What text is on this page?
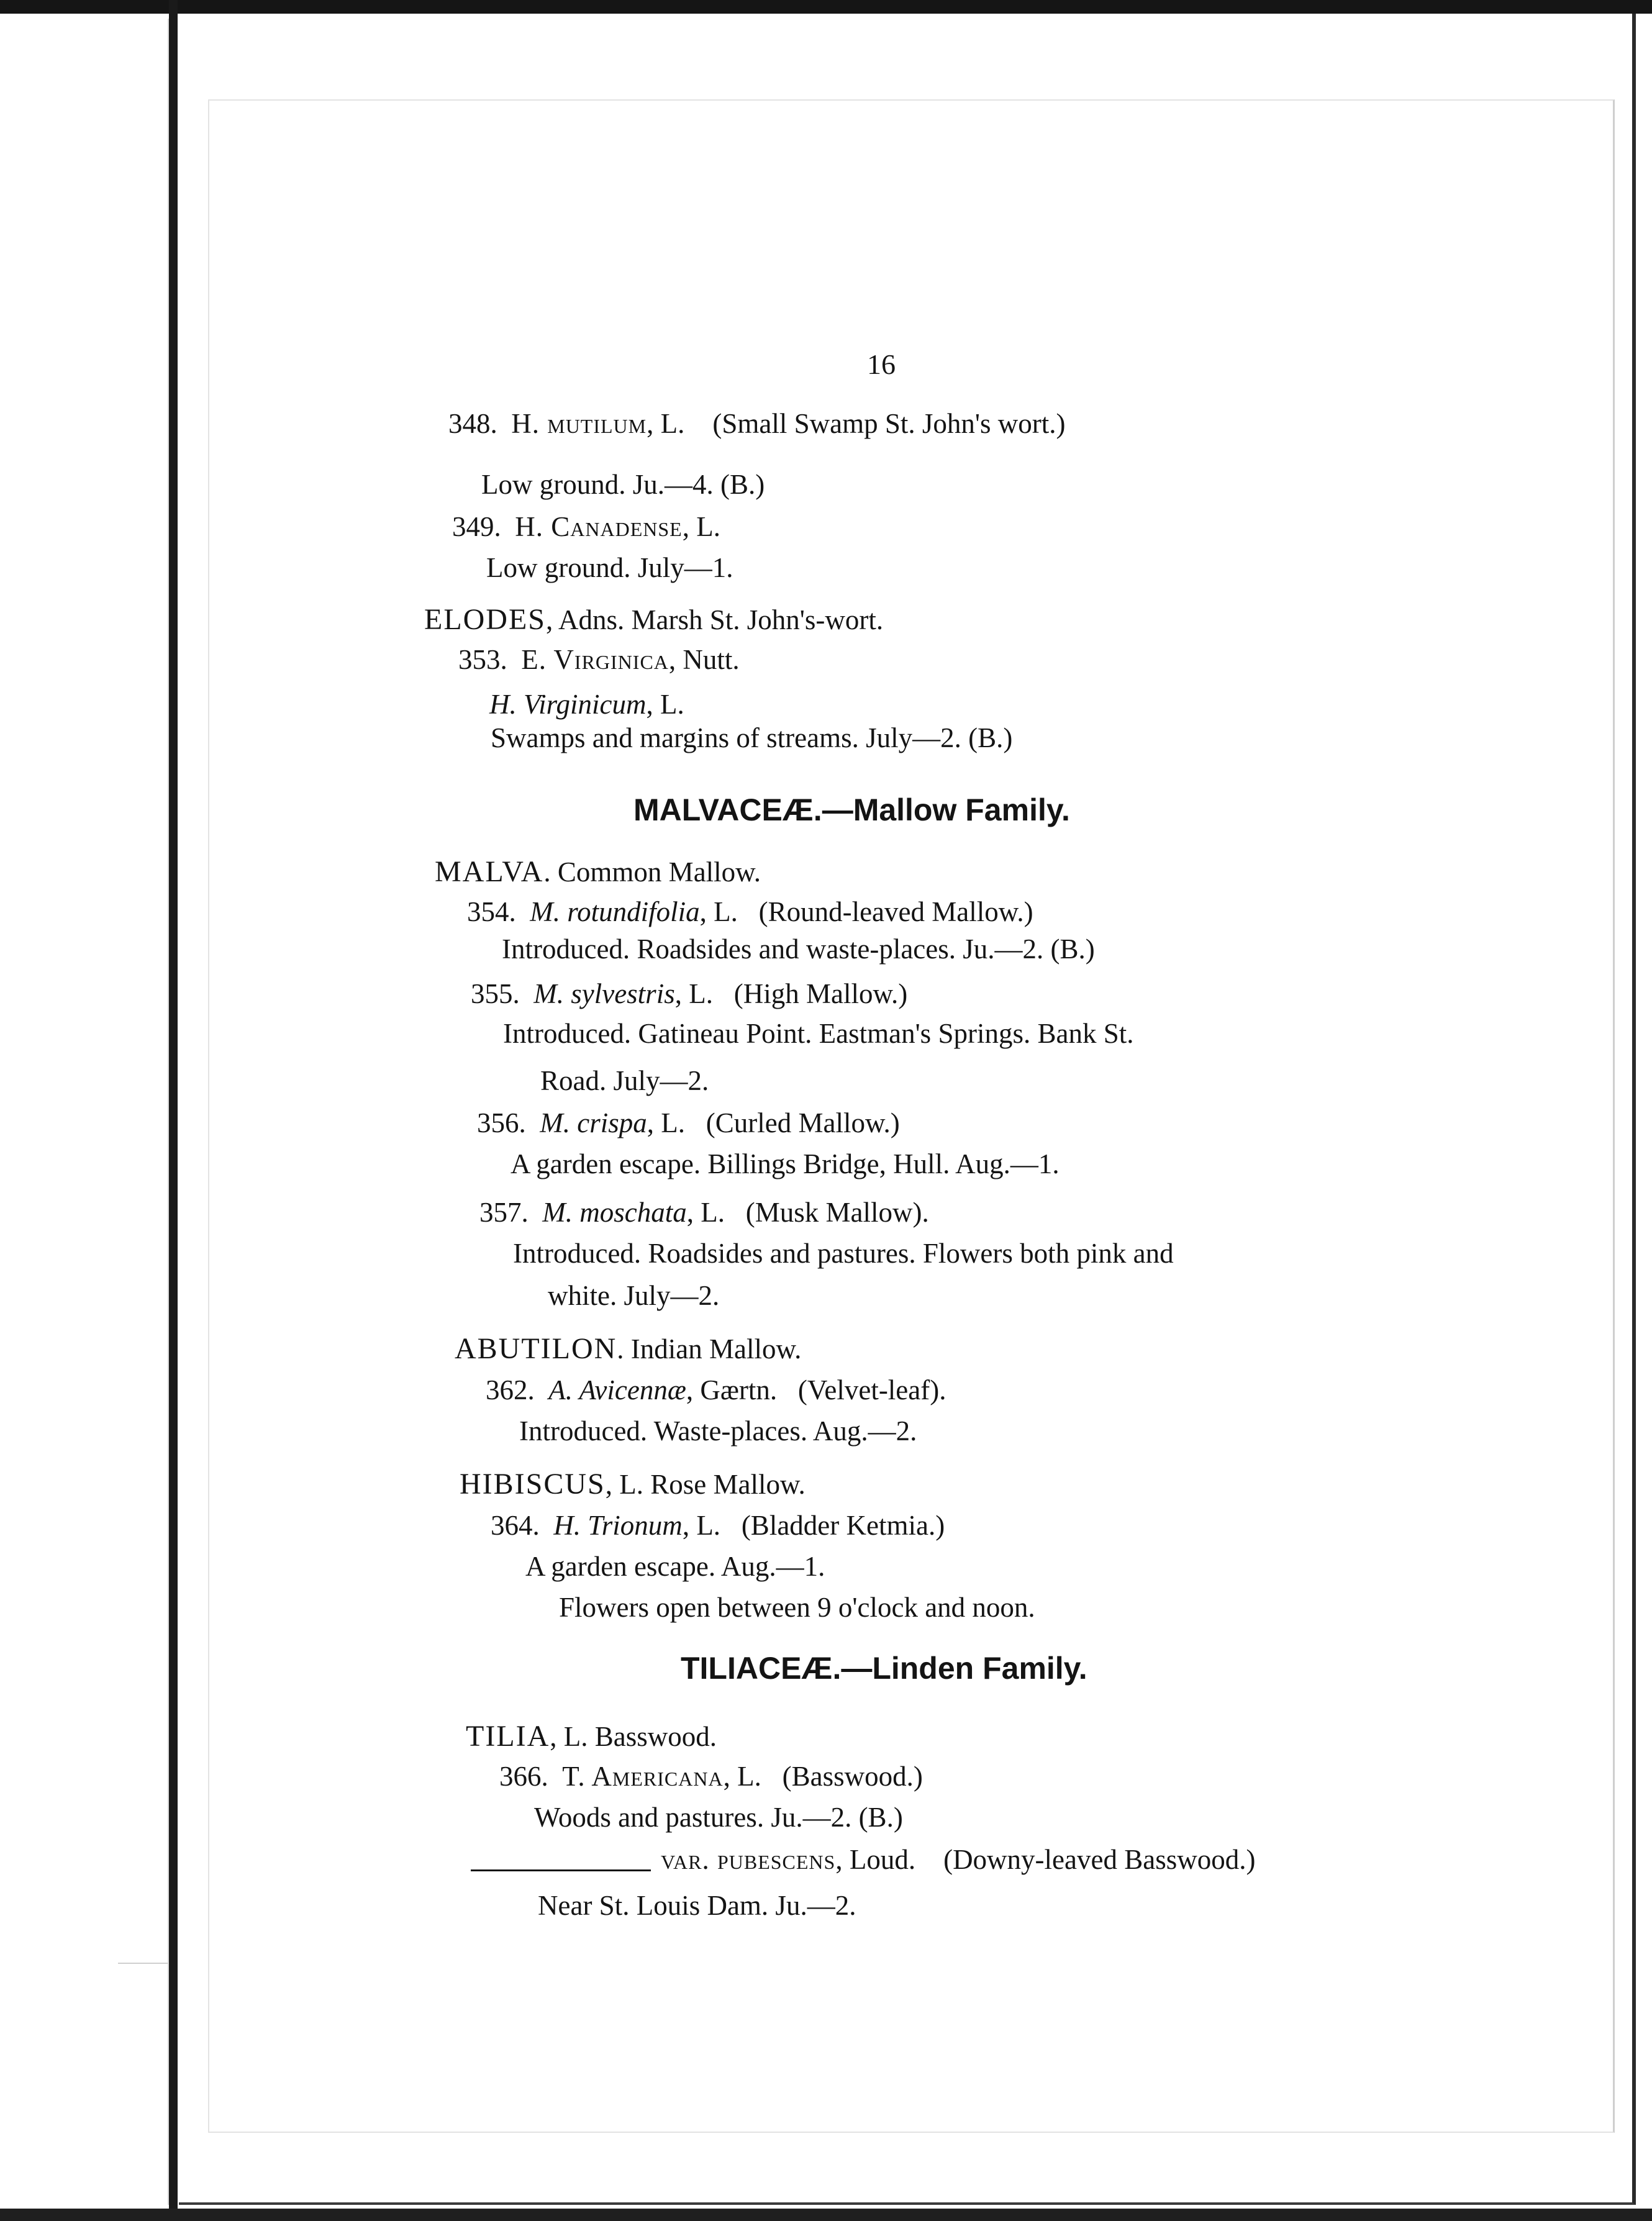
16
348. H. mutilum, L. (Small Swamp St. John's wort.)
Low ground. Ju.—4. (B.)
349. H. Canadense, L.
Low ground. July—1.
ELODES, Adns. Marsh St. John's-wort.
353. E. Virginica, Nutt.
H. Virginicum, L.
Swamps and margins of streams. July—2. (B.)
MALVACEÆ.—Mallow Family.
MALVA. Common Mallow.
354. M. rotundifolia, L. (Round-leaved Mallow.)
Introduced. Roadsides and waste-places. Ju.—2. (B.)
355. M. sylvestris, L. (High Mallow.)
Introduced. Gatineau Point. Eastman's Springs. Bank St.
Road. July—2.
356. M. crispa, L. (Curled Mallow.)
A garden escape. Billings Bridge, Hull. Aug.—1.
357. M. moschata, L. (Musk Mallow).
Introduced. Roadsides and pastures. Flowers both pink and
white. July—2.
ABUTILON. Indian Mallow.
362. A. Avicennæ, Gærtn. (Velvet-leaf).
Introduced. Waste-places. Aug.—2.
HIBISCUS, L. Rose Mallow.
364. H. Trionum, L. (Bladder Ketmia.)
A garden escape. Aug.—1.
Flowers open between 9 o'clock and noon.
TILIACEÆ.—Linden Family.
TILIA, L. Basswood.
366. T. Americana, L. (Basswood.)
Woods and pastures. Ju.—2. (B.)
var. pubescens, Loud. (Downy-leaved Basswood.)
Near St. Louis Dam. Ju.—2.
